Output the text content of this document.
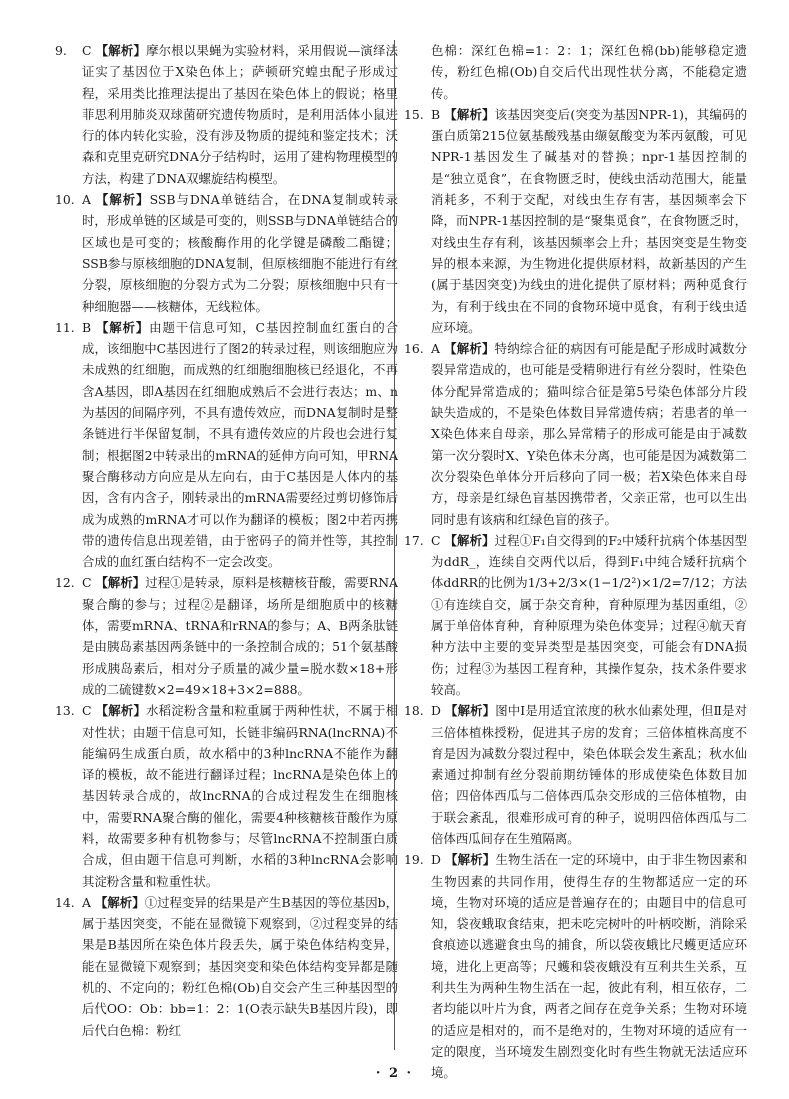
9. C 【解析】摩尔根以果蝇为实验材料，采用假说—演绎法证实了基因位于X染色体上；萨顿研究蝗虫配子形成过程，采用类比推理法提出了基因在染色体上的假说；格里菲思利用肺炎双球菌研究遗传物质时，是利用活体小鼠进行的体内转化实验，没有涉及物质的提纯和鉴定技术；沃森和克里克研究DNA分子结构时，运用了建构物理模型的方法，构建了DNA双螺旋结构模型。

10. A 【解析】SSB与DNA单链结合，在DNA复制或转录时，形成单链的区域是可变的，则SSB与DNA单链结合的区域也是可变的；核酸酶作用的化学键是磷酸二酯键；SSB参与原核细胞的DNA复制，但原核细胞不能进行有丝分裂，原核细胞的分裂方式为二分裂；原核细胞中只有一种细胞器——核糖体，无线粒体。

11. B 【解析】由题干信息可知，C基因控制血红蛋白的合成，该细胞中C基因进行了图2的转录过程，则该细胞应为未成熟的红细胞，而成熟的红细胞细胞核已经退化，不再含A基因，即A基因在红细胞成熟后不会进行表达；m、n为基因的间隔序列，不具有遗传效应，而DNA复制时是整条链进行半保留复制，不具有遗传效应的片段也会进行复制；根据图2中转录出的mRNA的延伸方向可知，甲RNA聚合酶移动方向应是从左向右，由于C基因是人体内的基因，含有内含子，刚转录出的mRNA需要经过剪切修饰后成为成熟的mRNA才可以作为翻译的模板；图2中若丙携带的遗传信息出现差错，由于密码子的简并性等，其控制合成的血红蛋白结构不一定会改变。

12. C 【解析】过程①是转录，原料是核糖核苷酸，需要RNA聚合酶的参与；过程②是翻译，场所是细胞质中的核糖体，需要mRNA、tRNA和rRNA的参与；A、B两条肽链是由胰岛素基因两条链中的一条控制合成的；51个氨基酸形成胰岛素后，相对分子质量的减少量=脱水数×18+形成的二硫键数×2=49×18+3×2=888。

13. C 【解析】水稻淀粉含量和粒重属于两种性状，不属于相对性状；由题干信息可知，长链非编码RNA(lncRNA)不能编码生成蛋白质，故水稻中的3种lncRNA不能作为翻译的模板，故不能进行翻译过程；lncRNA是染色体上的基因转录合成的，故lncRNA的合成过程发生在细胞核中，需要RNA聚合酶的催化，需要4种核糖核苷酸作为原料，故需要多种有机物参与；尽管lncRNA不控制蛋白质合成，但由题干信息可判断，水稻的3种lncRNA会影响其淀粉含量和粒重性状。

14. A 【解析】①过程变异的结果是产生B基因的等位基因b，属于基因突变，不能在显微镜下观察到，②过程变异的结果是B基因所在染色体片段丢失，属于染色体结构变异，能在显微镜下观察到；基因突变和染色体结构变异都是随机的、不定向的；粉红色棉(Ob)自交会产生三种基因型的后代OO：Ob：bb=1：2：1(O表示缺失B基因片段)，即后代白色棉：粉红

色棉：深红色棉=1：2：1；深红色棉(bb)能够稳定遗传，粉红色棉(Ob)自交后代出现性状分离，不能稳定遗传。

15. B 【解析】该基因突变后(突变为基因NPR-1)，其编码的蛋白质第215位氨基酸残基由缬氨酸变为苯丙氨酸，可见NPR-1基因发生了碱基对的替换；npr-1基因控制的是“独立觅食”，在食物匮乏时，使线虫活动范围大，能量消耗多，不利于交配，对线虫生存有害，基因频率会下降，而NPR-1基因控制的是“聚集觅食”，在食物匮乏时，对线虫生存有利，该基因频率会上升；基因突变是生物变异的根本来源，为生物进化提供原材料，故新基因的产生(属于基因突变)为线虫的进化提供了原材料；两种觅食行为，有利于线虫在不同的食物环境中觅食，有利于线虫适应环境。

16. A 【解析】特纳综合征的病因有可能是配子形成时减数分裂异常造成的，也可能是受精卵进行有丝分裂时，性染色体分配异常造成的；猫叫综合征是第5号染色体部分片段缺失造成的，不是染色体数目异常遗传病；若患者的单一X染色体来自母亲，那么异常精子的形成可能是由于减数第一次分裂时X、Y染色体未分离，也可能是因为减数第二次分裂染色单体分开后移向了同一极；若X染色体来自母方，母亲是红绿色盲基因携带者，父亲正常，也可以生出同时患有该病和红绿色盲的孩子。

17. C 【解析】过程①F₁自交得到的F₂中矮秆抗病个体基因型为ddR_，连续自交两代以后，得到F₁中纯合矮秆抗病个体ddRR的比例为1/3+2/3×(1−1/2²)×1/2=7/12；方法①有连续自交，属于杂交育种，育种原理为基因重组，②属于单倍体育种，育种原理为染色体变异；过程④航天育种方法中主要的变异类型是基因突变，可能会有DNA损伤；过程③为基因工程育种，其操作复杂，技术条件要求较高。

18. D 【解析】图中Ⅰ是用适宜浓度的秋水仙素处理，但Ⅱ是对三倍体植株授粉，促进其子房的发育；三倍体植株高度不育是因为减数分裂过程中，染色体联会发生紊乱；秋水仙素通过抑制有丝分裂前期纺锤体的形成使染色体数目加倍；四倍体西瓜与二倍体西瓜杂交形成的三倍体植物，由于联会紊乱，很难形成可育的种子，说明四倍体西瓜与二倍体西瓜间存在生殖隔离。

19. D 【解析】生物生活在一定的环境中，由于非生物因素和生物因素的共同作用，使得生存的生物都适应一定的环境，生物对环境的适应是普遍存在的；由题目中的信息可知，袋夜蛾取食结束，把未吃完树叶的叶柄咬断，消除采食痕迹以逃避食虫鸟的捕食，所以袋夜蛾比尺蠖更适应环境，进化上更高等；尺蠖和袋夜蛾没有互利共生关系，互利共生为两种生物生活在一起，彼此有利，相互依存，二者均能以叶片为食，两者之间存在竞争关系；生物对环境的适应是相对的，而不是绝对的，生物对环境的适应有一定的限度，当环境发生剧烈变化时有些生物就无法适应环境。

· 2 ·
